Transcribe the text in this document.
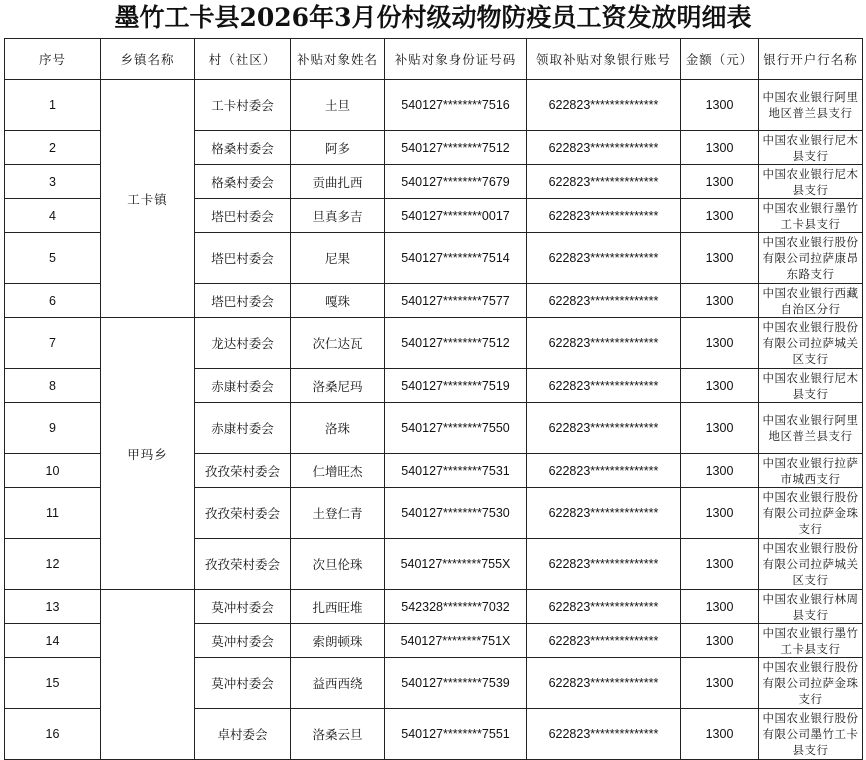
墨竹工卡县2026年3月份村级动物防疫员工资发放明细表
序号	乡镇名称	村（社区）	补贴对象姓名	补贴对象身份证号码	领取补贴对象银行账号	金额（元）	银行开户行名称
1	工卡镇	工卡村委会	土旦	540127********7516	622823**************	1300	中国农业银行阿里地区普兰县支行
2		格桑村委会	阿多	540127********7512	622823**************	1300	中国农业银行尼木县支行
3		格桑村委会	贡曲扎西	540127********7679	622823**************	1300	中国农业银行尼木县支行
4		塔巴村委会	旦真多吉	540127********0017	622823**************	1300	中国农业银行墨竹工卡县支行
5		塔巴村委会	尼果	540127********7514	622823**************	1300	中国农业银行股份有限公司拉萨康昂东路支行
6		塔巴村委会	嘎珠	540127********7577	622823**************	1300	中国农业银行西藏自治区分行
7	甲玛乡	龙达村委会	次仁达瓦	540127********7512	622823**************	1300	中国农业银行股份有限公司拉萨城关区支行
8		赤康村委会	洛桑尼玛	540127********7519	622823**************	1300	中国农业银行尼木县支行
9		赤康村委会	洛珠	540127********7550	622823**************	1300	中国农业银行阿里地区普兰县支行
10		孜孜荣村委会	仁增旺杰	540127********7531	622823**************	1300	中国农业银行拉萨市城西支行
11		孜孜荣村委会	土登仁青	540127********7530	622823**************	1300	中国农业银行股份有限公司拉萨金珠支行
12		孜孜荣村委会	次旦伦珠	540127********755X	622823**************	1300	中国农业银行股份有限公司拉萨城关区支行
13		莫冲村委会	扎西旺堆	542328********7032	622823**************	1300	中国农业银行林周县支行
14		莫冲村委会	索朗顿珠	540127********751X	622823**************	1300	中国农业银行墨竹工卡县支行
15		莫冲村委会	益西西绕	540127********7539	622823**************	1300	中国农业银行股份有限公司拉萨金珠支行
16		卓村委会	洛桑云旦	540127********7551	622823**************	1300	中国农业银行股份有限公司墨竹工卡县支行
